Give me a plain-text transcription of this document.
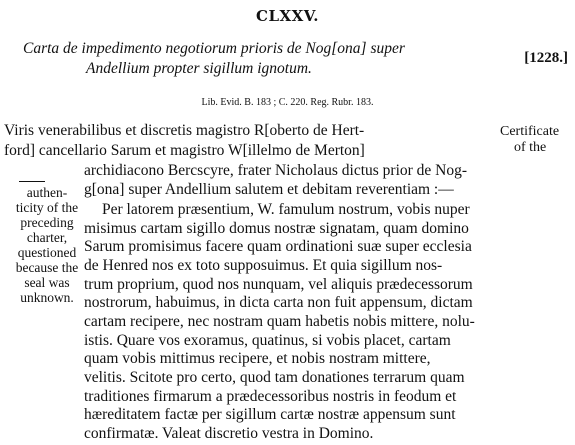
CLXXV.
Carta de impedimento negotiorum prioris de Nog[ona] super
Andellium propter sigillum ignotum.
[1228.]
Lib. Evid. B. 183 ; C. 220. Reg. Rubr. 183.
Certificate
of the
authen-
ticity of the
preceding
charter,
questioned
because the
seal was
unknown.
Viris venerabilibus et discretis magistro R[oberto de Hert-
ford] cancellario Sarum et magistro W[illelmo de Merton]
archidiacono Bercscyre, frater Nicholaus dictus prior de Nog-
g[ona] super Andellium salutem et debitam reverentiam :—
Per latorem præsentium, W. famulum nostrum, vobis nuper
misimus cartam sigillo domus nostræ signatam, quam domino
Sarum promisimus facere quam ordinationi suæ super ecclesia
de Henred nos ex toto supposuimus. Et quia sigillum nos-
trum proprium, quod nos nunquam, vel aliquis prædecessorum
nostrorum, habuimus, in dicta carta non fuit appensum, dictam
cartam recipere, nec nostram quam habetis nobis mittere, nolu-
istis. Quare vos exoramus, quatinus, si vobis placet, cartam
quam vobis mittimus recipere, et nobis nostram mittere,
velitis. Scitote pro certo, quod tam donationes terrarum quam
traditiones firmarum a prædecessoribus nostris in feodum et
hæreditatem factæ per sigillum cartæ nostræ appensum sunt
confirmatæ. Valeat discretio vestra in Domino.
